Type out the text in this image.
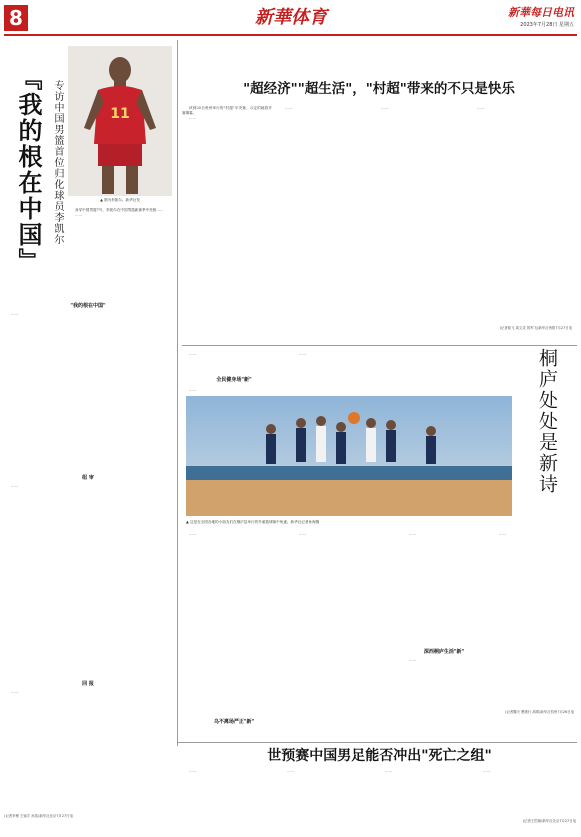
8	新華体育	新華每日电讯
2023年7月28日 星期五
『我的根在中国』 专访中国男篮首位归化球员李凯尔	11
▲ 图为李凯尔。新华社发

身穿中国男篮7号，李凯尔在中国男篮新赛季中亮相……

……

"我的根在中国"

……

组 审

……

回 报

……

(记者李博 王镜宇 孙浩)新华社北京7月27日电
"超经济""超生活"，"村超"带来的不只是快乐

该到25日贵州举行的"村超"半决赛，示定的地将开赛揭幕。

……

……	……	……

(记者骆飞 周文灵 郭军飞)新华社贵阳7月27日电

……

全民健身场"新"

……

……

▲ 这是在全国各地的小朋友们在桐庐县举行的外童篮球赛中角逐。新华社记者孙海摄
桐庐处处是新诗

……

乌不离场严正"新"

……	……

深西桐庐生活"新"

……

……

(记者魏天 曹康行 高晴)新华社杭州7月26日电
世预赛中国男足能否冲出"死亡之组"

……	……	……	……

(记者王恺瑜)新华社北京7月27日电
